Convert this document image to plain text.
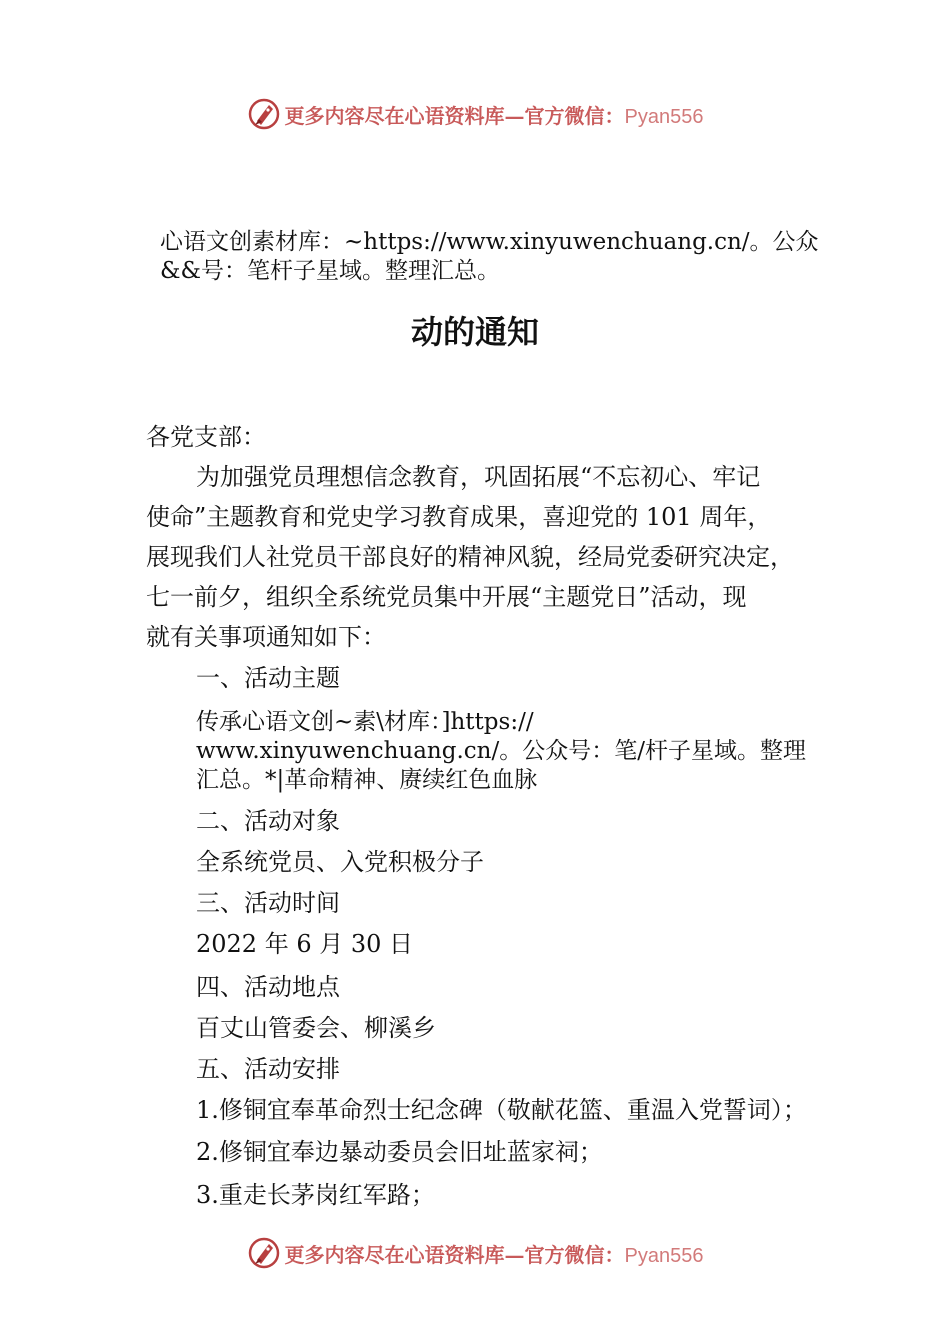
更多内容尽在心语资料库—官方微信：Pyan556
心语文创素材库：~https://www.xinyuwenchuang.cn/。公众
&&号：笔杆子星域。整理汇总。
动的通知
各党支部：
为加强党员理想信念教育，巩固拓展“不忘初心、牢记
使命”主题教育和党史学习教育成果，喜迎党的 101 周年，
展现我们人社党员干部良好的精神风貌，经局党委研究决定，
七一前夕，组织全系统党员集中开展“主题党日”活动，现
就有关事项通知如下：
一、活动主题
传承心语文创~素\材库：]https://
www.xinyuwenchuang.cn/。公众号：笔/杆子星域。整理
汇总。*|革命精神、赓续红色血脉
二、活动对象
全系统党员、入党积极分子
三、活动时间
2022 年 6 月 30 日
四、活动地点
百丈山管委会、柳溪乡
五、活动安排
1.修铜宜奉革命烈士纪念碑（敬献花篮、重温入党誓词）；
2.修铜宜奉边暴动委员会旧址蓝家祠；
3.重走长茅岗红军路；
更多内容尽在心语资料库—官方微信：Pyan556
